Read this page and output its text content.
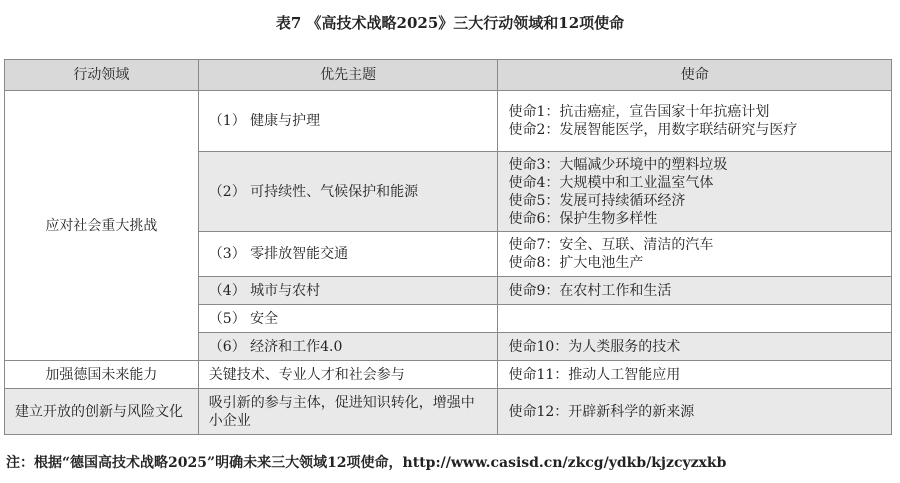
表7 《高技术战略2025》三大行动领域和12项使命
行动领域	优先主题	使命
应对社会重大挑战	（1） 健康与护理	使命1：抗击癌症，宣告国家十年抗癌计划
使命2：发展智能医学，用数字联结研究与医疗

	（2） 可持续性、气候保护和能源	使命3：大幅减少环境中的塑料垃圾
使命4：大规模中和工业温室气体
使命5：发展可持续循环经济
使命6：保护生物多样性

	（3） 零排放智能交通	使命7：安全、互联、清洁的汽车
使命8：扩大电池生产

	（4） 城市与农村	使命9：在农村工作和生活

	（5） 安全	
	（6） 经济和工作4.0	使命10：为人类服务的技术

加强德国未来能力	关键技术、专业人才和社会参与	使命11：推动人工智能应用

建立开放的创新与风险文化	吸引新的参与主体，促进知识转化，增强中小企业	使命12：开辟新科学的新来源
注：根据“德国高技术战略2025”明确未来三大领域12项使命，http://www.casisd.cn/zkcg/ydkb/kjzcyzxkb
